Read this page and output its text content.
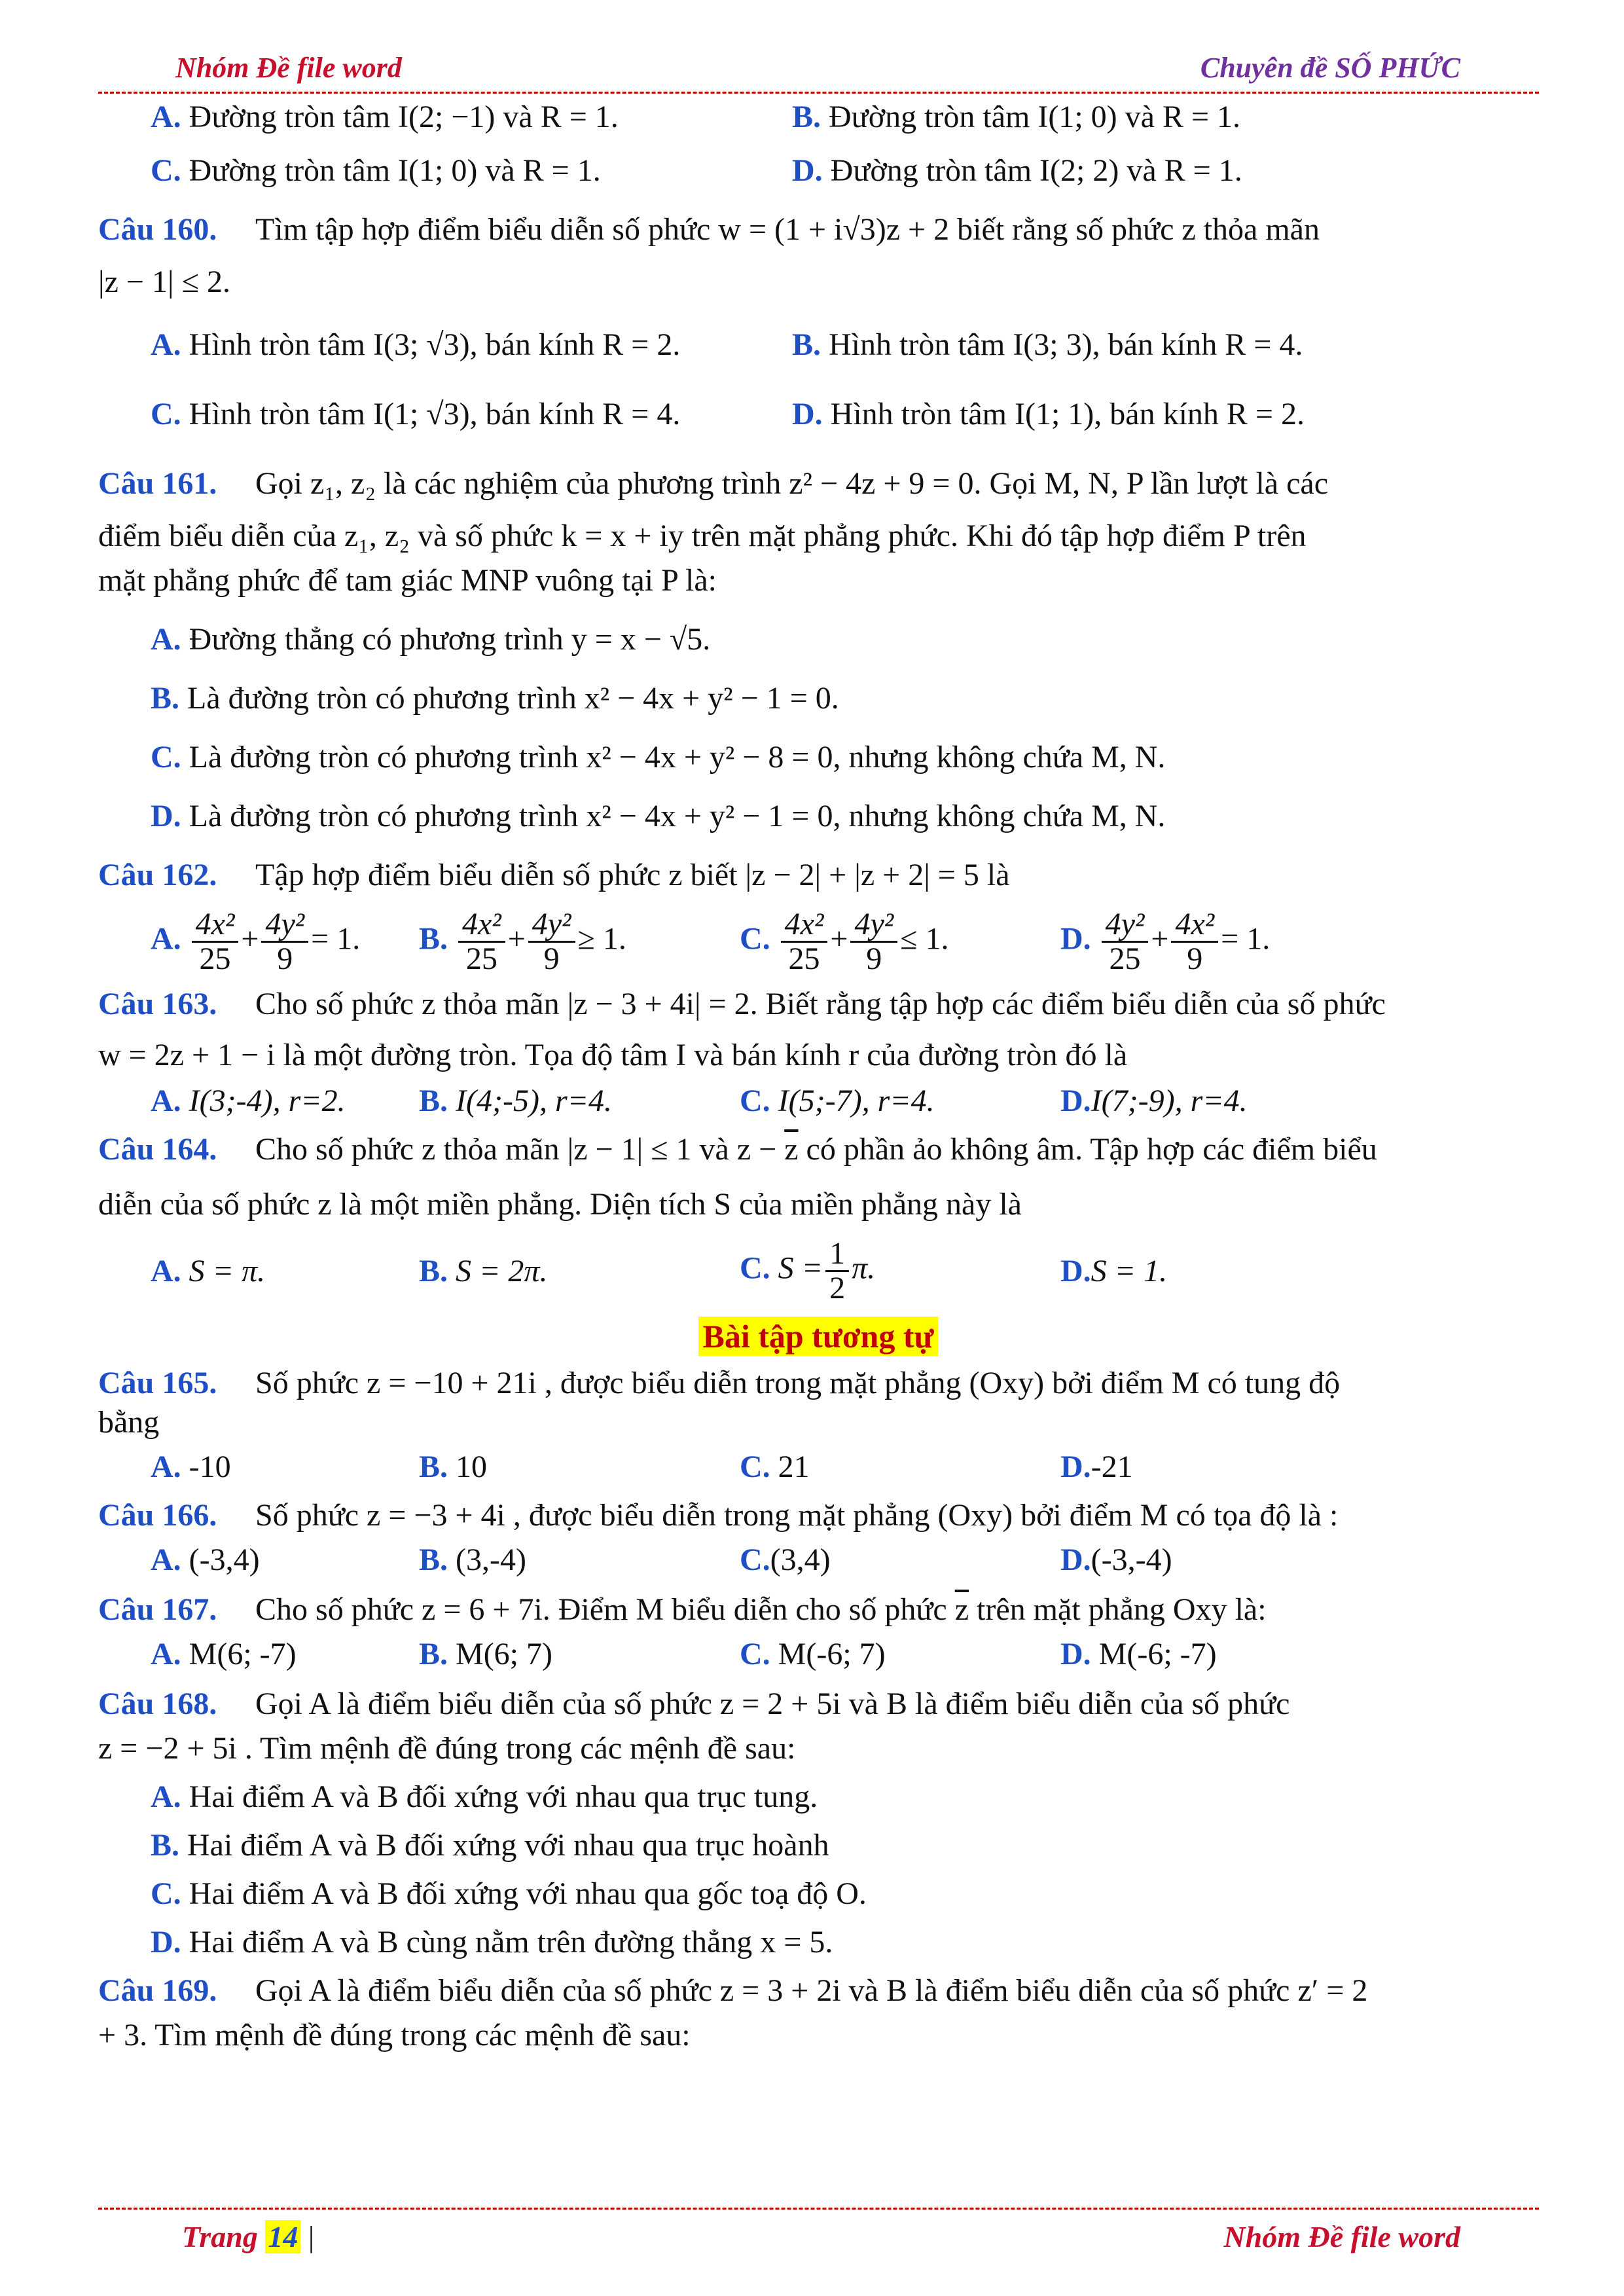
Nhóm Đề file word	Chuyên đề SỐ PHỨC
A. Đường tròn tâm I(2; −1) và R = 1.	B. Đường tròn tâm I(1; 0) và R = 1.
C. Đường tròn tâm I(1; 0) và R = 1.	D. Đường tròn tâm I(2; 2) và R = 1.

Câu 160. Tìm tập hợp điểm biểu diễn số phức w = (1 + i√3)z + 2 biết rằng số phức z thỏa mãn

|z − 1| ≤ 2.

A. Hình tròn tâm I(3; √3), bán kính R = 2.	B. Hình tròn tâm I(3; 3), bán kính R = 4.
C. Hình tròn tâm I(1; √3), bán kính R = 4.	D. Hình tròn tâm I(1; 1), bán kính R = 2.

Câu 161. Gọi z₁, z₂ là các nghiệm của phương trình z² − 4z + 9 = 0. Gọi M, N, P lần lượt là các

điểm biểu diễn của z₁, z₂ và số phức k = x + iy trên mặt phẳng phức. Khi đó tập hợp điểm P trên

mặt phẳng phức để tam giác MNP vuông tại P là:

A. Đường thẳng có phương trình y = x − √5.

B. Là đường tròn có phương trình x² − 4x + y² − 1 = 0.

C. Là đường tròn có phương trình x² − 4x + y² − 8 = 0, nhưng không chứa M, N.

D. Là đường tròn có phương trình x² − 4x + y² − 1 = 0, nhưng không chứa M, N.

Câu 162. Tập hợp điểm biểu diễn số phức z biết |z − 2| + |z + 2| = 5 là

A. $\frac{\text{4x²}}{25} + \frac{\text{4y²}}{9} = 1$.	B. $\frac{\text{4x²}}{25} + \frac{\text{4y²}}{9} \ge 1$.	C. $\frac{\text{4x²}}{25} + \frac{\text{4y²}}{9} \le 1$.	D. $\frac{\text{4y²}}{25} + \frac{\text{4x²}}{9} = 1$.

Câu 163. Cho số phức z thỏa mãn |z − 3 + 4i| = 2. Biết rằng tập hợp các điểm biểu diễn của số phức

w = 2z + 1 − i là một đường tròn. Tọa độ tâm I và bán kính r của đường tròn đó là

A. I(3;-4), r=2.	B. I(4;-5), r=4.	C. I(5;-7), r=4.	D.I(7;-9), r=4.

Câu 164. Cho số phức z thỏa mãn |z − 1| ≤ 1 và $z - \overline{z}$ có phần ảo không âm. Tập hợp các điểm biểu

diễn của số phức z là một miền phẳng. Diện tích S của miền phẳng này là

A. S = π.	B. S = 2π.	C. $S = \frac{1}{2} \pi$.	D.S = 1.
Bài tập tương tự

Câu 165. Số phức z = −10 + 21i , được biểu diễn trong mặt phẳng (Oxy) bởi điểm M có tung độ

bằng

A. -10	B. 10	C. 21	D.-21

Câu 166. Số phức z = −3 + 4i , được biểu diễn trong mặt phẳng (Oxy) bởi điểm M có tọa độ là :

A. (-3,4)	B. (3,-4)	C.(3,4)	D.(-3,-4)

Câu 167. Cho số phức z = 6 + 7i. Điểm M biểu diễn cho số phức $\overline{z}$ trên mặt phẳng Oxy là:

A. M(6; -7)	B. M(6; 7)	C. M(-6; 7)	D. M(-6; -7)

Câu 168. Gọi A là điểm biểu diễn của số phức z = 2 + 5i và B là điểm biểu diễn của số phức

z = −2 + 5i . Tìm mệnh đề đúng trong các mệnh đề sau:

A. Hai điểm A và B đối xứng với nhau qua trục tung.

B. Hai điểm A và B đối xứng với nhau qua trục hoành

C. Hai điểm A và B đối xứng với nhau qua gốc toạ độ O.

D. Hai điểm A và B cùng nằm trên đường thẳng x = 5.

Câu 169. Gọi A là điểm biểu diễn của số phức z = 3 + 2i và B là điểm biểu diễn của số phức z′ = 2

+ 3. Tìm mệnh đề đúng trong các mệnh đề sau:

Trang 14 |	Nhóm Đề file word
